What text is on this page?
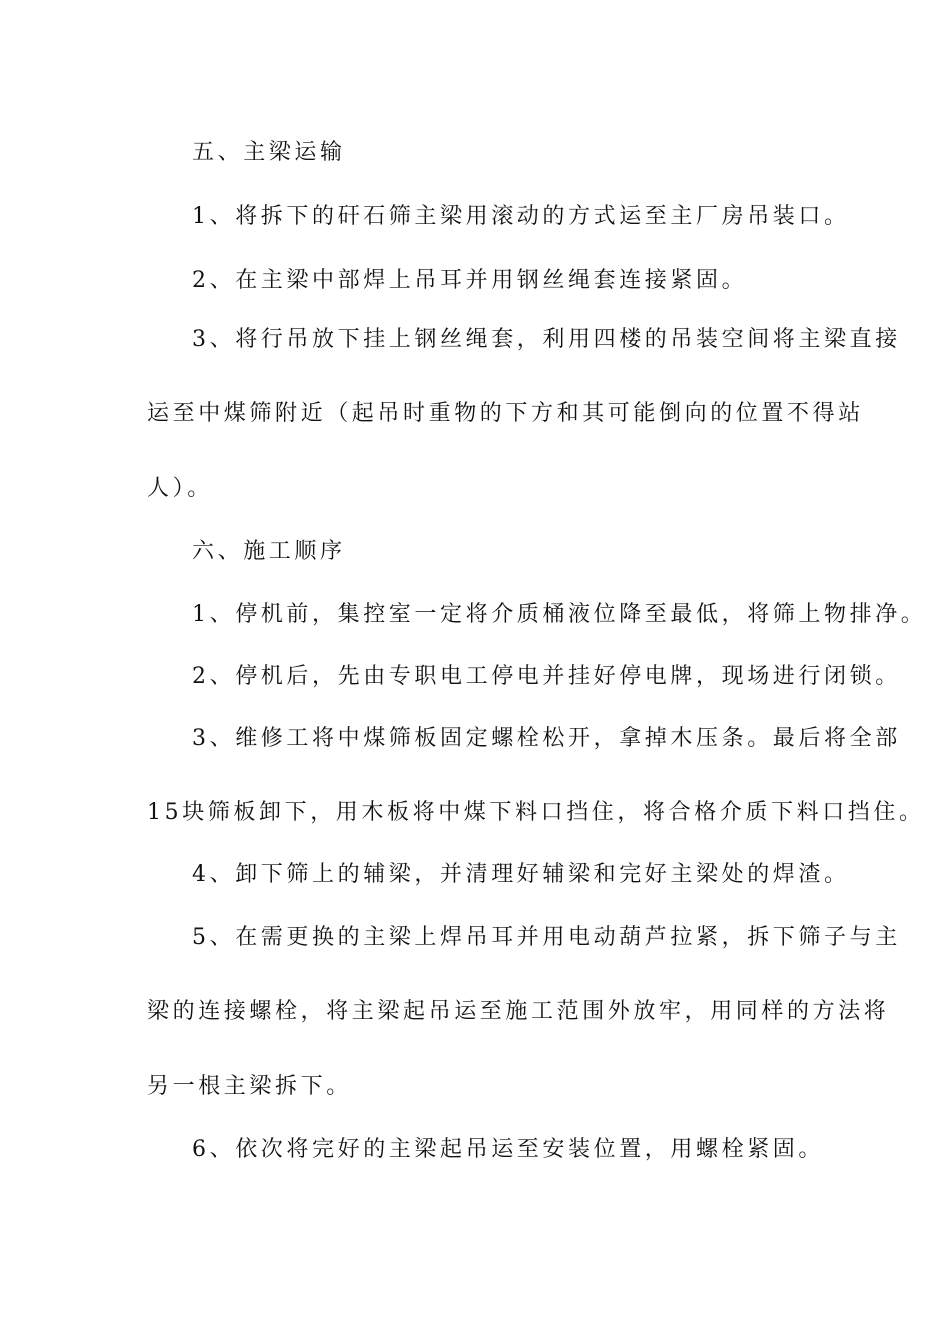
五、主梁运输
1、将拆下的矸石筛主梁用滚动的方式运至主厂房吊装口。
2、在主梁中部焊上吊耳并用钢丝绳套连接紧固。
3、将行吊放下挂上钢丝绳套，利用四楼的吊装空间将主梁直接
运至中煤筛附近（起吊时重物的下方和其可能倒向的位置不得站
人）。
六、施工顺序
1、停机前，集控室一定将介质桶液位降至最低，将筛上物排净。
2、停机后，先由专职电工停电并挂好停电牌，现场进行闭锁。
3、维修工将中煤筛板固定螺栓松开，拿掉木压条。最后将全部
15块筛板卸下，用木板将中煤下料口挡住，将合格介质下料口挡住。
4、卸下筛上的辅梁，并清理好辅梁和完好主梁处的焊渣。
5、在需更换的主梁上焊吊耳并用电动葫芦拉紧，拆下筛子与主
梁的连接螺栓，将主梁起吊运至施工范围外放牢，用同样的方法将
另一根主梁拆下。
6、依次将完好的主梁起吊运至安装位置，用螺栓紧固。
